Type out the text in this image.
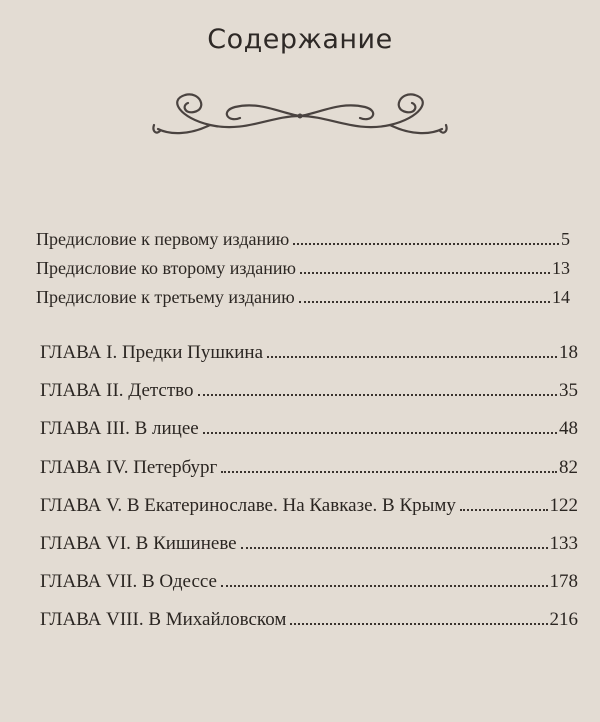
Содержание
Предисловие к первому изданию	5
Предисловие ко второму изданию	13
Предисловие к третьему изданию	14
ГЛАВА I. Предки Пушкина	18
ГЛАВА II. Детство	35
ГЛАВА III. В лицее	48
ГЛАВА IV. Петербург	82
ГЛАВА V. В Екатеринославе. На Кавказе. В Крыму	122
ГЛАВА VI. В Кишиневе	133
ГЛАВА VII. В Одессе	178
ГЛАВА VIII. В Михайловском	216
